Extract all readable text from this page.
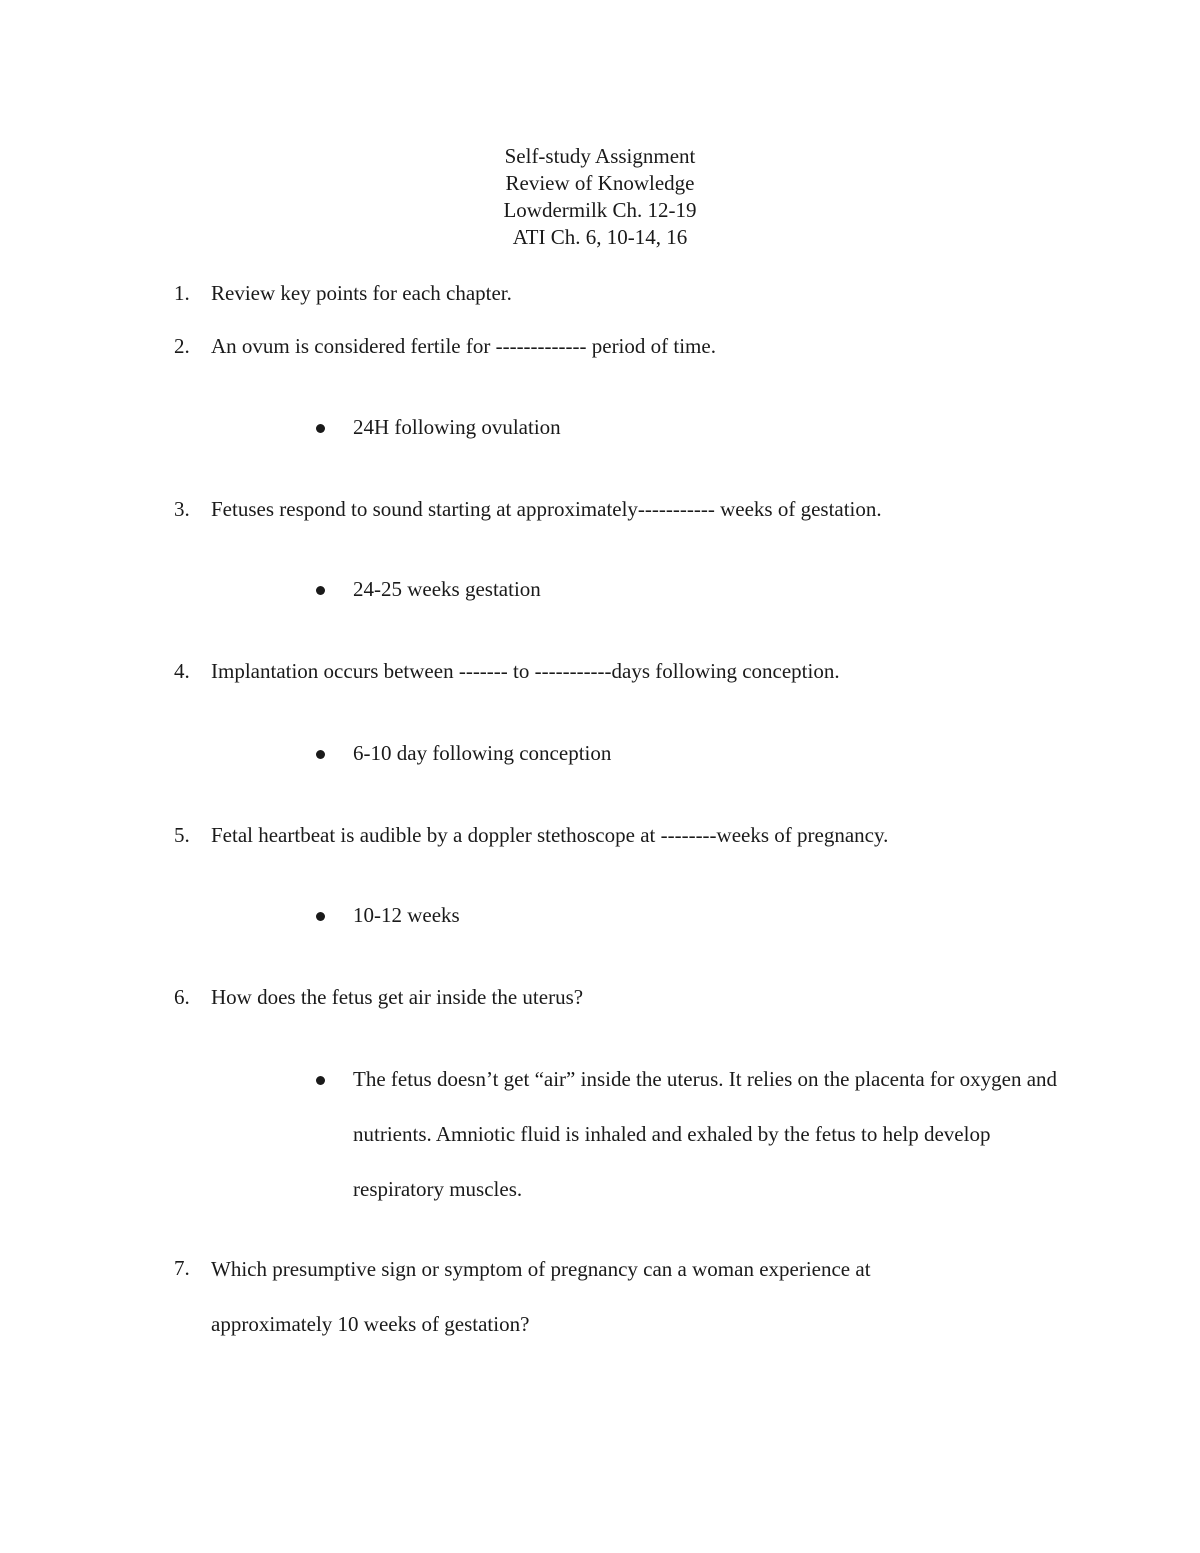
Self-study Assignment
Review of Knowledge
Lowdermilk Ch. 12-19
ATI Ch. 6, 10-14, 16
1.	Review key points for each chapter.
2.	An ovum is considered fertile for ------------- period of time.
24H following ovulation
3.	Fetuses respond to sound starting at approximately----------- weeks of gestation.
24-25 weeks gestation
4.	Implantation occurs between ------- to -----------days following conception.
6-10 day following conception
5.	Fetal heartbeat is audible by a doppler stethoscope at --------weeks of pregnancy.
10-12 weeks
6.	How does the fetus get air inside the uterus?
The fetus doesn’t get “air” inside the uterus. It relies on the placenta for oxygen and nutrients. Amniotic fluid is inhaled and exhaled by the fetus to help develop respiratory muscles.
7.	Which presumptive sign or symptom of pregnancy can a woman experience at approximately 10 weeks of gestation?
